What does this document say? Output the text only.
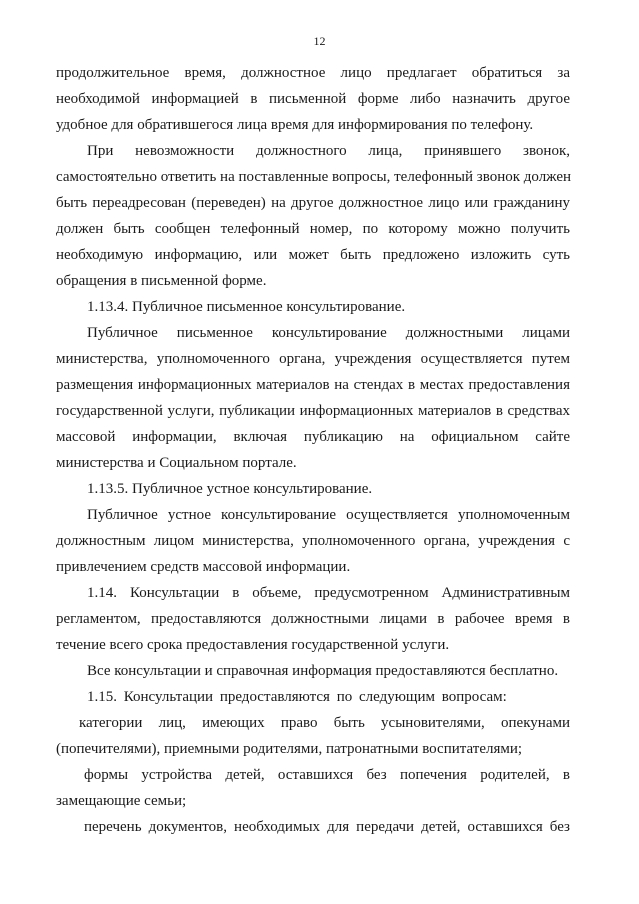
12
продолжительное время, должностное лицо предлагает обратиться за
необходимой информацией в письменной форме либо назначить другое
удобное для обратившегося лица время для информирования по телефону.
При невозможности должностного лица, принявшего звонок,
самостоятельно ответить на поставленные вопросы, телефонный звонок должен
быть переадресован (переведен) на другое должностное лицо или гражданину
должен быть сообщен телефонный номер, по которому можно получить
необходимую информацию, или может быть предложено изложить суть
обращения в письменной форме.
1.13.4. Публичное письменное консультирование.
Публичное письменное консультирование должностными лицами
министерства, уполномоченного органа, учреждения осуществляется путем
размещения информационных материалов на стендах в местах предоставления
государственной услуги, публикации информационных материалов в средствах
массовой информации, включая публикацию на официальном сайте
министерства и Социальном портале.
1.13.5. Публичное устное консультирование.
Публичное устное консультирование осуществляется уполномоченным
должностным лицом министерства, уполномоченного органа, учреждения с
привлечением средств массовой информации.
1.14. Консультации в объеме, предусмотренном Административным
регламентом, предоставляются должностными лицами в рабочее время в
течение всего срока предоставления государственной услуги.
Все консультации и справочная информация предоставляются бесплатно.
1.15. Консультации предоставляются по следующим вопросам:
категории лиц, имеющих право быть усыновителями, опекунами
(попечителями), приемными родителями, патронатными воспитателями;
формы устройства детей, оставшихся без попечения родителей, в
замещающие семьи;
перечень документов, необходимых для передачи детей, оставшихся без
